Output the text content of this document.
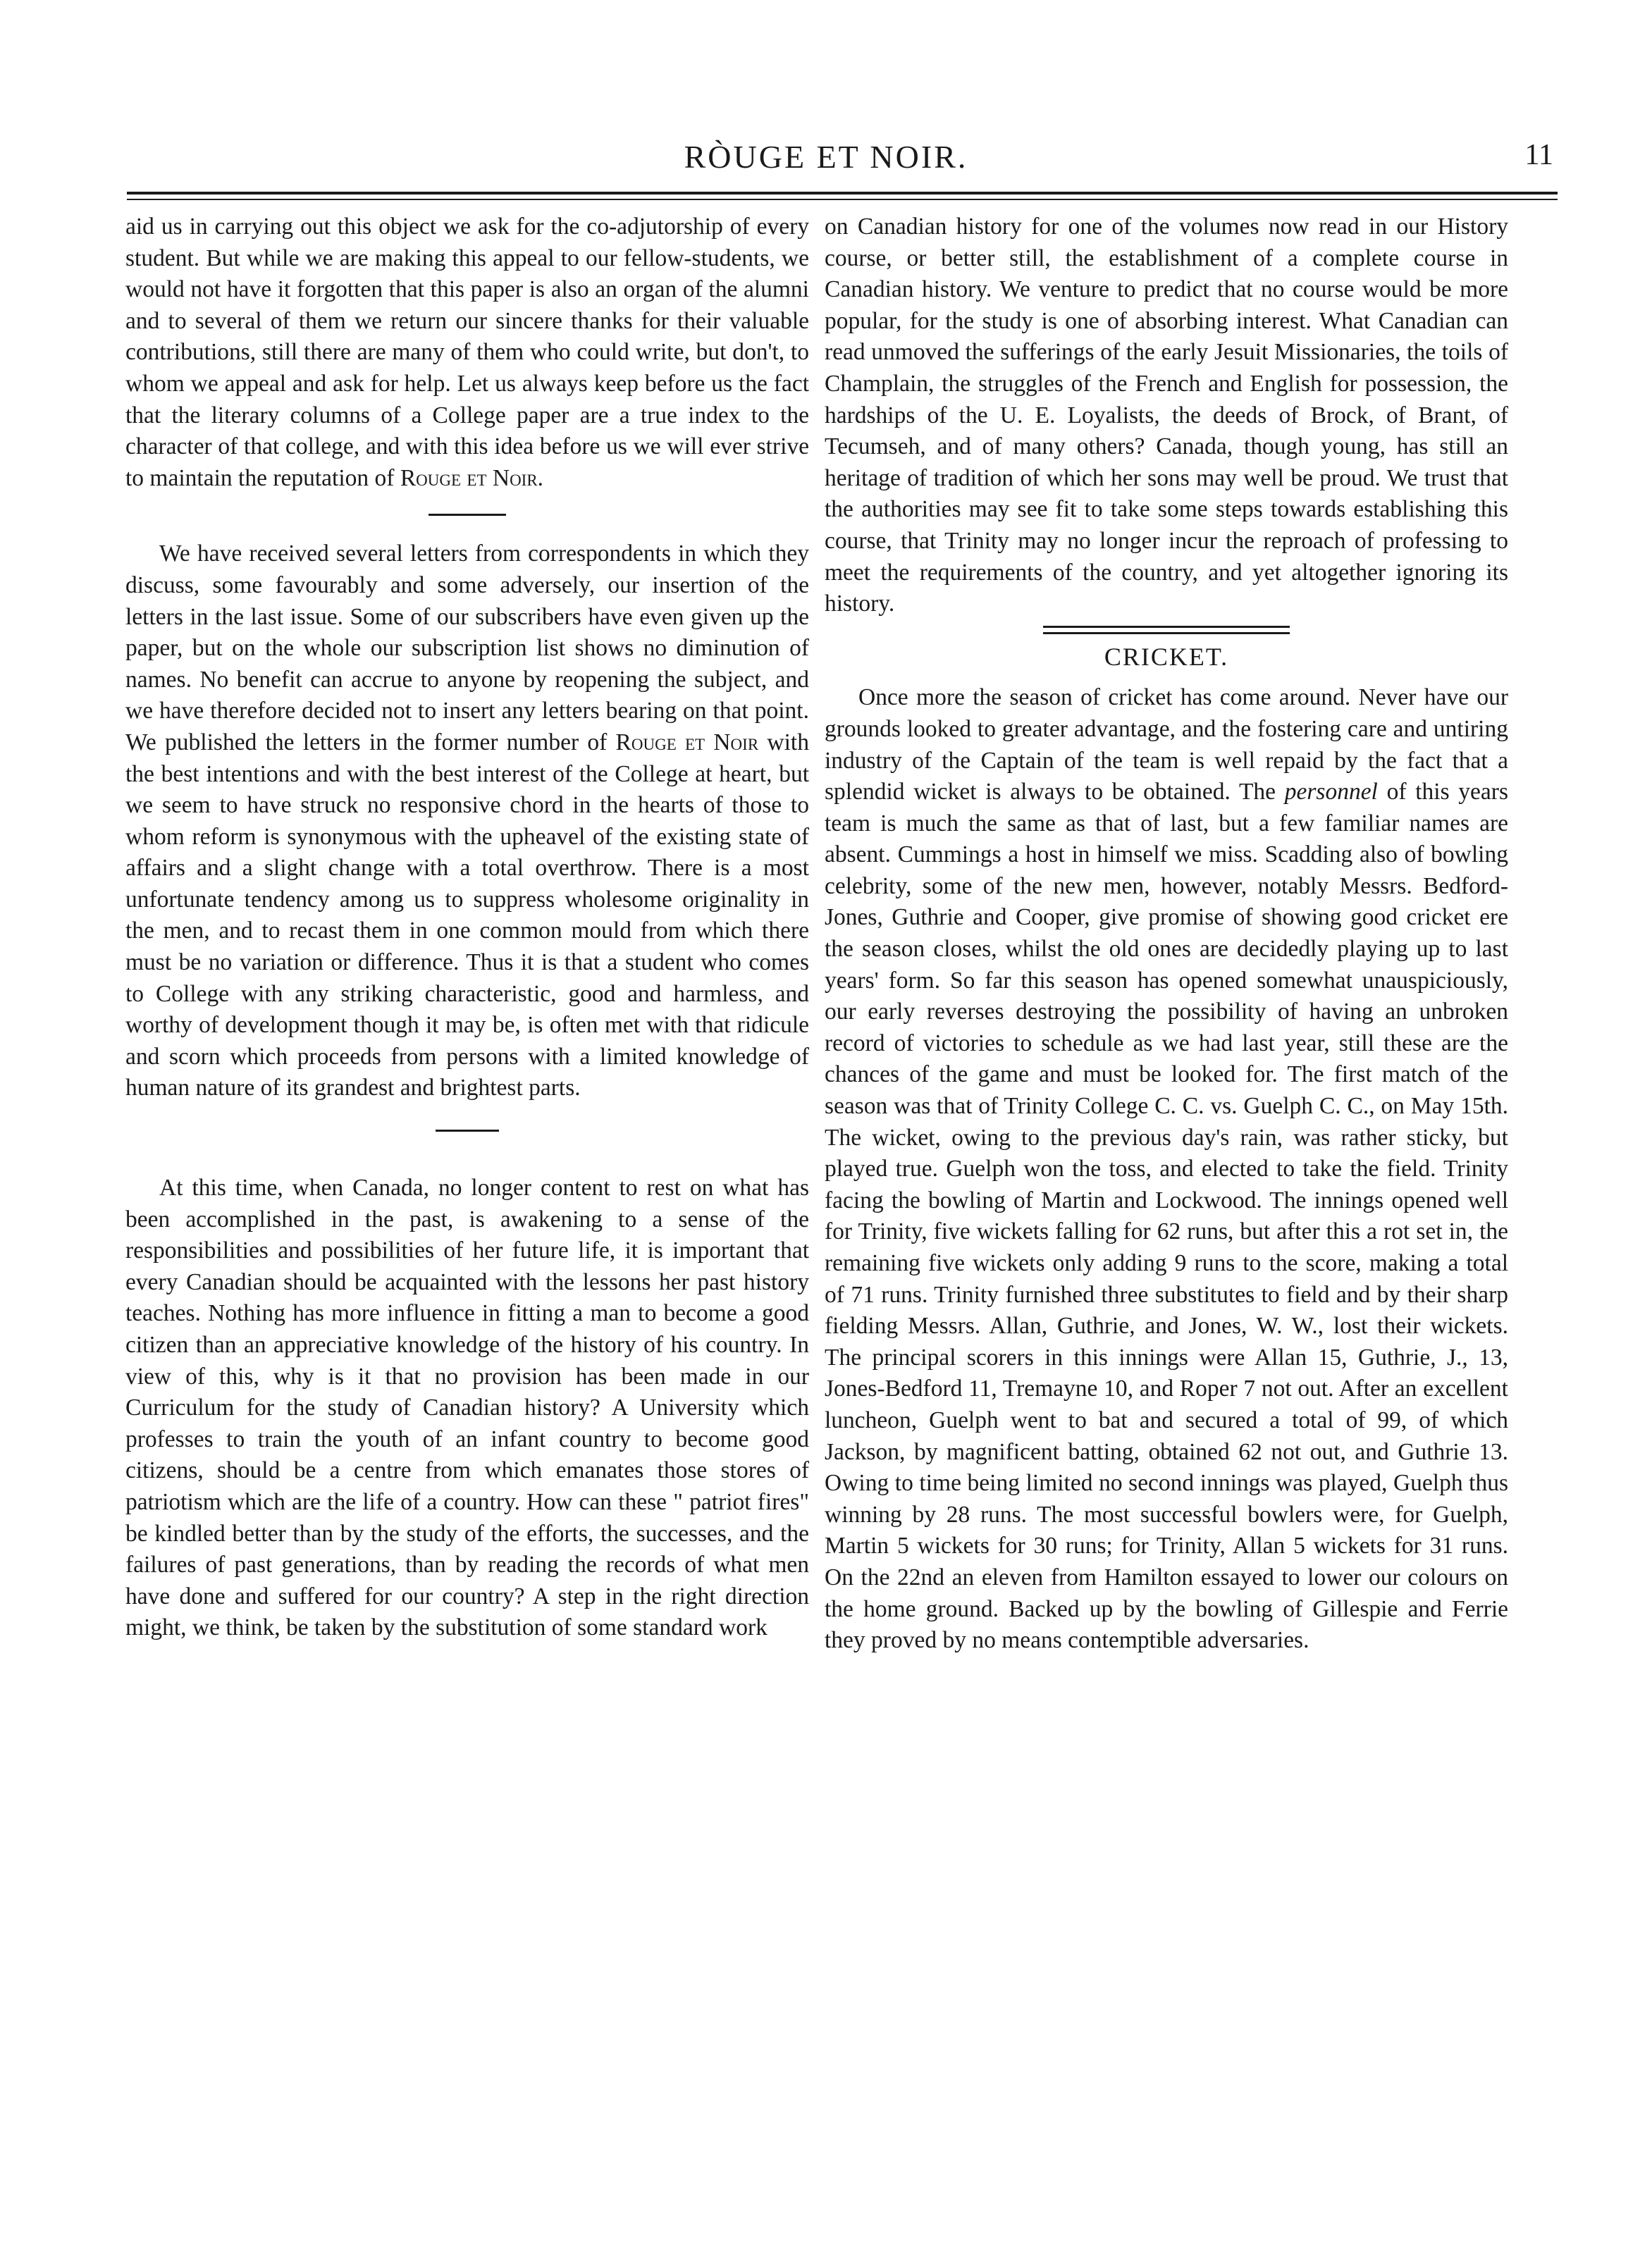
RÒUGE ET NOIR.	11

aid us in carrying out this object we ask for the co-adjutorship of every student. But while we are making this appeal to our fellow-students, we would not have it forgotten that this paper is also an organ of the alumni and to several of them we return our sincere thanks for their valuable contributions, still there are many of them who could write, but don't, to whom we appeal and ask for help. Let us always keep before us the fact that the literary columns of a College paper are a true index to the character of that college, and with this idea before us we will ever strive to maintain the reputation of Rouge et Noir.

We have received several letters from correspondents in which they discuss, some favourably and some adversely, our insertion of the letters in the last issue. Some of our subscribers have even given up the paper, but on the whole our subscription list shows no diminution of names. No benefit can accrue to anyone by reopening the subject, and we have therefore decided not to insert any letters bearing on that point. We published the letters in the former number of Rouge et Noir with the best intentions and with the best interest of the College at heart, but we seem to have struck no responsive chord in the hearts of those to whom reform is synonymous with the upheavel of the existing state of affairs and a slight change with a total overthrow. There is a most unfortunate tendency among us to suppress wholesome originality in the men, and to recast them in one common mould from which there must be no variation or difference. Thus it is that a student who comes to College with any striking characteristic, good and harmless, and worthy of development though it may be, is often met with that ridicule and scorn which proceeds from persons with a limited knowledge of human nature of its grandest and brightest parts.

At this time, when Canada, no longer content to rest on what has been accomplished in the past, is awakening to a sense of the responsibilities and possibilities of her future life, it is important that every Canadian should be acquainted with the lessons her past history teaches. Nothing has more influence in fitting a man to become a good citizen than an appreciative knowledge of the history of his country. In view of this, why is it that no provision has been made in our Curriculum for the study of Canadian history? A University which professes to train the youth of an infant country to become good citizens, should be a centre from which emanates those stores of patriotism which are the life of a country. How can these " patriot fires" be kindled better than by the study of the efforts, the successes, and the failures of past generations, than by reading the records of what men have done and suffered for our country? A step in the right direction might, we think, be taken by the substitution of some standard work

on Canadian history for one of the volumes now read in our History course, or better still, the establishment of a complete course in Canadian history. We venture to predict that no course would be more popular, for the study is one of absorbing interest. What Canadian can read unmoved the sufferings of the early Jesuit Missionaries, the toils of Champlain, the struggles of the French and English for possession, the hardships of the U. E. Loyalists, the deeds of Brock, of Brant, of Tecumseh, and of many others? Canada, though young, has still an heritage of tradition of which her sons may well be proud. We trust that the authorities may see fit to take some steps towards establishing this course, that Trinity may no longer incur the reproach of professing to meet the requirements of the country, and yet altogether ignoring its history.

CRICKET.

Once more the season of cricket has come around. Never have our grounds looked to greater advantage, and the fostering care and untiring industry of the Captain of the team is well repaid by the fact that a splendid wicket is always to be obtained. The personnel of this years team is much the same as that of last, but a few familiar names are absent. Cummings a host in himself we miss. Scadding also of bowling celebrity, some of the new men, however, notably Messrs. Bedford-Jones, Guthrie and Cooper, give promise of showing good cricket ere the season closes, whilst the old ones are decidedly playing up to last years' form. So far this season has opened somewhat unauspiciously, our early reverses destroying the possibility of having an unbroken record of victories to schedule as we had last year, still these are the chances of the game and must be looked for. The first match of the season was that of Trinity College C. C. vs. Guelph C. C., on May 15th. The wicket, owing to the previous day's rain, was rather sticky, but played true. Guelph won the toss, and elected to take the field. Trinity facing the bowling of Martin and Lockwood. The innings opened well for Trinity, five wickets falling for 62 runs, but after this a rot set in, the remaining five wickets only adding 9 runs to the score, making a total of 71 runs. Trinity furnished three substitutes to field and by their sharp fielding Messrs. Allan, Guthrie, and Jones, W. W., lost their wickets. The principal scorers in this innings were Allan 15, Guthrie, J., 13, Jones-Bedford 11, Tremayne 10, and Roper 7 not out. After an excellent luncheon, Guelph went to bat and secured a total of 99, of which Jackson, by magnificent batting, obtained 62 not out, and Guthrie 13. Owing to time being limited no second innings was played, Guelph thus winning by 28 runs. The most successful bowlers were, for Guelph, Martin 5 wickets for 30 runs; for Trinity, Allan 5 wickets for 31 runs. On the 22nd an eleven from Hamilton essayed to lower our colours on the home ground. Backed up by the bowling of Gillespie and Ferrie they proved by no means contemptible adversaries.
